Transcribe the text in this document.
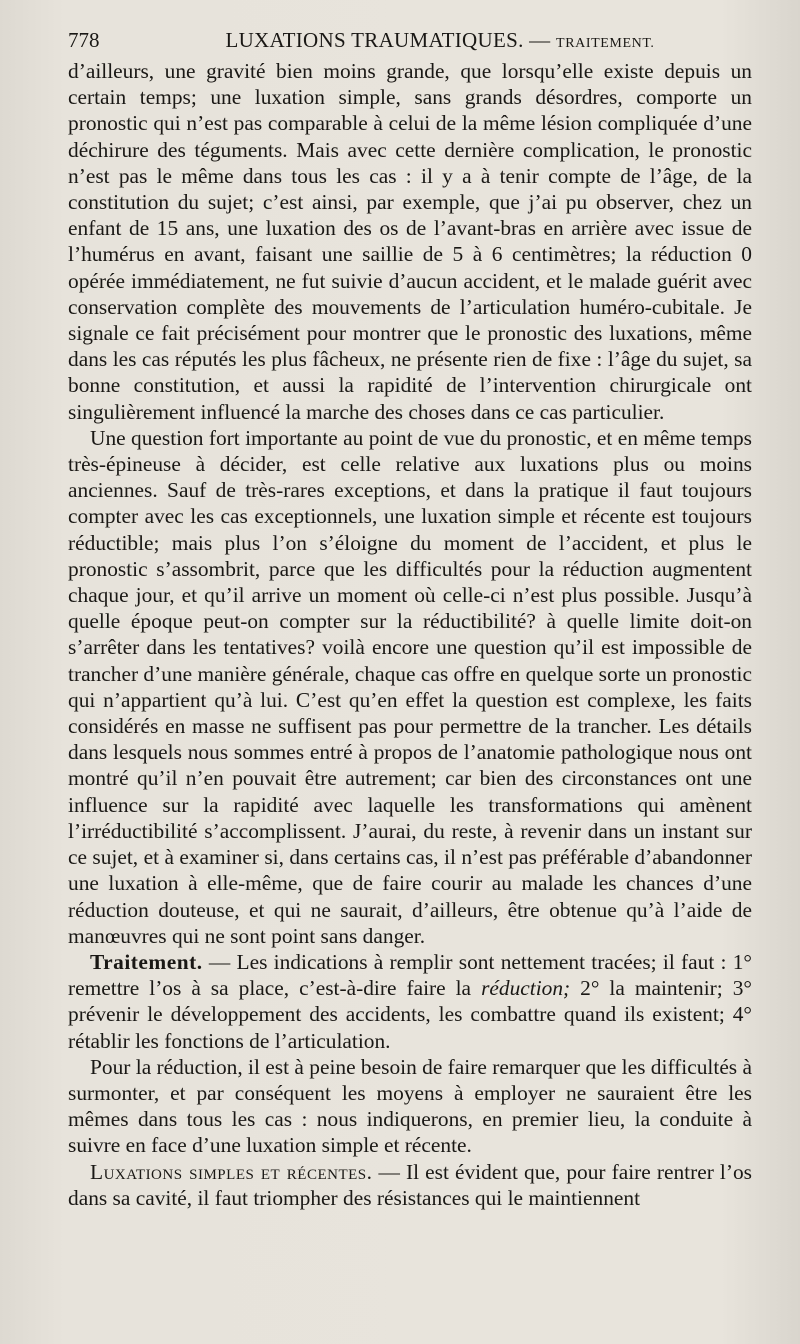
778	LUXATIONS TRAUMATIQUES. — TRAITEMENT.

d’ailleurs, une gravité bien moins grande, que lorsqu’elle existe depuis un certain temps; une luxation simple, sans grands désordres, comporte un pronostic qui n’est pas comparable à celui de la même lésion compliquée d’une déchirure des téguments. Mais avec cette dernière complication, le pronostic n’est pas le même dans tous les cas : il y a à tenir compte de l’âge, de la constitution du sujet; c’est ainsi, par exemple, que j’ai pu observer, chez un enfant de 15 ans, une luxation des os de l’avant-bras en arrière avec issue de l’humérus en avant, faisant une saillie de 5 à 6 centimètres; la réduction 0 opérée immédiatement, ne fut suivie d’aucun accident, et le malade guérit avec conservation complète des mouvements de l’articulation huméro-cubitale. Je signale ce fait précisément pour montrer que le pronostic des luxations, même dans les cas réputés les plus fâcheux, ne présente rien de fixe : l’âge du sujet, sa bonne constitution, et aussi la rapidité de l’intervention chirurgicale ont singulièrement influencé la marche des choses dans ce cas particulier.

Une question fort importante au point de vue du pronostic, et en même temps très-épineuse à décider, est celle relative aux luxations plus ou moins anciennes. Sauf de très-rares exceptions, et dans la pratique il faut toujours compter avec les cas exceptionnels, une luxation simple et récente est toujours réductible; mais plus l’on s’éloigne du moment de l’accident, et plus le pronostic s’assombrit, parce que les difficultés pour la réduction augmentent chaque jour, et qu’il arrive un moment où celle-ci n’est plus possible. Jusqu’à quelle époque peut-on compter sur la réductibilité? à quelle limite doit-on s’arrêter dans les tentatives? voilà encore une question qu’il est impossible de trancher d’une manière générale, chaque cas offre en quelque sorte un pronostic qui n’appartient qu’à lui. C’est qu’en effet la question est complexe, les faits considérés en masse ne suffisent pas pour permettre de la trancher. Les détails dans lesquels nous sommes entré à propos de l’anatomie pathologique nous ont montré qu’il n’en pouvait être autrement; car bien des circonstances ont une influence sur la rapidité avec laquelle les transformations qui amènent l’irréductibilité s’accomplissent. J’aurai, du reste, à revenir dans un instant sur ce sujet, et à examiner si, dans certains cas, il n’est pas préférable d’abandonner une luxation à elle-même, que de faire courir au malade les chances d’une réduction douteuse, et qui ne saurait, d’ailleurs, être obtenue qu’à l’aide de manœuvres qui ne sont point sans danger.

Traitement. — Les indications à remplir sont nettement tracées; il faut : 1° remettre l’os à sa place, c’est-à-dire faire la réduction; 2° la maintenir; 3° prévenir le développement des accidents, les combattre quand ils existent; 4° rétablir les fonctions de l’articulation.

Pour la réduction, il est à peine besoin de faire remarquer que les difficultés à surmonter, et par conséquent les moyens à employer ne sauraient être les mêmes dans tous les cas : nous indiquerons, en premier lieu, la conduite à suivre en face d’une luxation simple et récente.

Luxations simples et récentes. — Il est évident que, pour faire rentrer l’os dans sa cavité, il faut triompher des résistances qui le maintiennent
